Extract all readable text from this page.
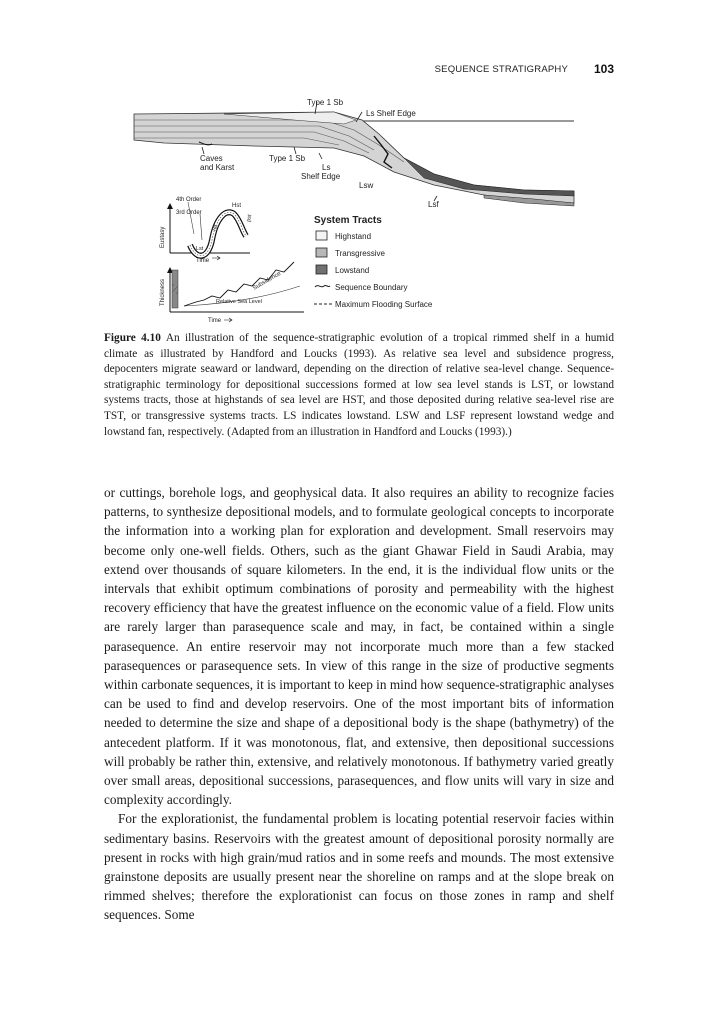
SEQUENCE STRATIGRAPHY 103
Type 1 Sb
Ls Shelf Edge
Caves
and Karst
Type 1 Sb
Ls
Shelf Edge
Lsw
Lsf
4th Order
3rd Order
Hst
Tst
Lst
pst
Eustasy
Time
Thickness	Subsidence
Relative Sea Level
Time
System Tracts
Highstand
Transgressive
Lowstand
Sequence Boundary
Maximum Flooding Surface

Figure 4.10 An illustration of the sequence-stratigraphic evolution of a tropical rimmed shelf in a humid climate as illustrated by Handford and Loucks (1993). As relative sea level and subsidence progress, depocenters migrate seaward or landward, depending on the direction of relative sea-level change. Sequence-stratigraphic terminology for depositional successions formed at low sea level stands is LST, or lowstand systems tracts, those at highstands of sea level are HST, and those deposited during relative sea-level rise are TST, or transgressive systems tracts. LS indicates lowstand. LSW and LSF represent lowstand wedge and lowstand fan, respectively. (Adapted from an illustration in Handford and Loucks (1993).)

or cuttings, borehole logs, and geophysical data. It also requires an ability to recognize facies patterns, to synthesize depositional models, and to formulate geological concepts to incorporate the information into a working plan for exploration and development. Small reservoirs may become only one-well fields. Others, such as the giant Ghawar Field in Saudi Arabia, may extend over thousands of square kilometers. In the end, it is the individual flow units or the intervals that exhibit optimum combinations of porosity and permeability with the highest recovery efficiency that have the greatest influence on the economic value of a field. Flow units are rarely larger than parasequence scale and may, in fact, be contained within a single parasequence. An entire reservoir may not incorporate much more than a few stacked parasequences or parasequence sets. In view of this range in the size of productive segments within carbonate sequences, it is important to keep in mind how sequence-stratigraphic analyses can be used to find and develop reservoirs. One of the most important bits of information needed to determine the size and shape of a depositional body is the shape (bathymetry) of the antecedent platform. If it was monotonous, flat, and extensive, then depositional successions will probably be rather thin, extensive, and relatively monotonous. If bathymetry varied greatly over small areas, depositional successions, parasequences, and flow units will vary in size and complexity accordingly.

For the explorationist, the fundamental problem is locating potential reservoir facies within sedimentary basins. Reservoirs with the greatest amount of depositional porosity normally are present in rocks with high grain/mud ratios and in some reefs and mounds. The most extensive grainstone deposits are usually present near the shoreline on ramps and at the slope break on rimmed shelves; therefore the explorationist can focus on those zones in ramp and shelf sequences. Some
